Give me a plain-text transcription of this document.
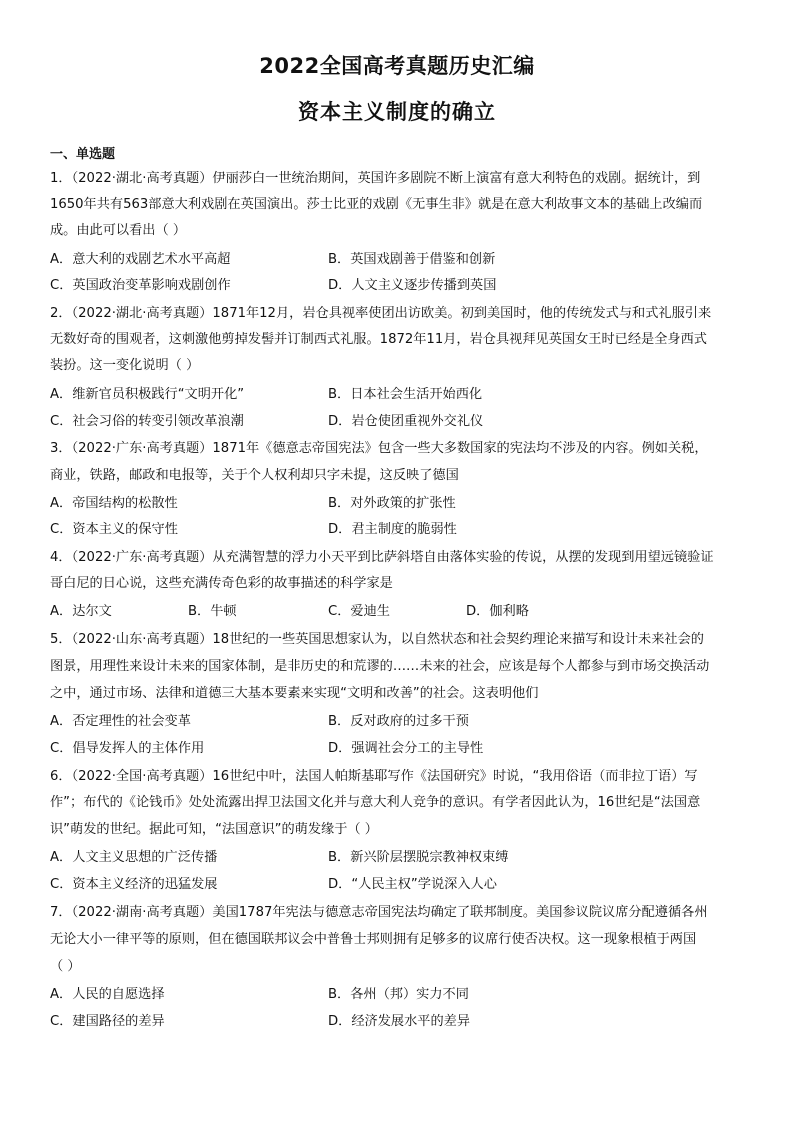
2022全国高考真题历史汇编
资本主义制度的确立
一、单选题
1．（2022·湖北·高考真题）伊丽莎白一世统治期间，英国许多剧院不断上演富有意大利特色的戏剧。据统计，到
1650年共有563部意大利戏剧在英国演出。莎士比亚的戏剧《无事生非》就是在意大利故事文本的基础上改编而
成。由此可以看出（ ）
A．意大利的戏剧艺术水平高超	B．英国戏剧善于借鉴和创新
C．英国政治变革影响戏剧创作	D．人文主义逐步传播到英国
2．（2022·湖北·高考真题）1871年12月，岩仓具视率使团出访欧美。初到美国时，他的传统发式与和式礼服引来
无数好奇的围观者，这刺激他剪掉发髻并订制西式礼服。1872年11月，岩仓具视拜见英国女王时已经是全身西式
装扮。这一变化说明（ ）
A．维新官员积极践行“文明开化”	B．日本社会生活开始西化
C．社会习俗的转变引领改革浪潮	D．岩仓使团重视外交礼仪
3．（2022·广东·高考真题）1871年《德意志帝国宪法》包含一些大多数国家的宪法均不涉及的内容。例如关税，
商业，铁路，邮政和电报等，关于个人权利却只字未提，这反映了德国
A．帝国结构的松散性	B．对外政策的扩张性
C．资本主义的保守性	D．君主制度的脆弱性
4．（2022·广东·高考真题）从充满智慧的浮力小天平到比萨斜塔自由落体实验的传说，从摆的发现到用望远镜验证
哥白尼的日心说，这些充满传奇色彩的故事描述的科学家是
A．达尔文	B．牛顿	C．爱迪生	D．伽利略
5．（2022·山东·高考真题）18世纪的一些英国思想家认为，以自然状态和社会契约理论来描写和设计未来社会的
图景，用理性来设计未来的国家体制，是非历史的和荒谬的……未来的社会，应该是每个人都参与到市场交换活动
之中，通过市场、法律和道德三大基本要素来实现“文明和改善”的社会。这表明他们
A．否定理性的社会变革	B．反对政府的过多干预
C．倡导发挥人的主体作用	D．强调社会分工的主导性
6．（2022·全国·高考真题）16世纪中叶，法国人帕斯基耶写作《法国研究》时说，“我用俗语（而非拉丁语）写
作”；布代的《论钱币》处处流露出捍卫法国文化并与意大利人竞争的意识。有学者因此认为，16世纪是“法国意
识”萌发的世纪。据此可知，“法国意识”的萌发缘于（ ）
A．人文主义思想的广泛传播	B．新兴阶层摆脱宗教神权束缚
C．资本主义经济的迅猛发展	D．“人民主权”学说深入人心
7．（2022·湖南·高考真题）美国1787年宪法与德意志帝国宪法均确定了联邦制度。美国参议院议席分配遵循各州
无论大小一律平等的原则，但在德国联邦议会中普鲁士邦则拥有足够多的议席行使否决权。这一现象根植于两国
（ ）
A．人民的自愿选择	B．各州（邦）实力不同
C．建国路径的差异	D．经济发展水平的差异
